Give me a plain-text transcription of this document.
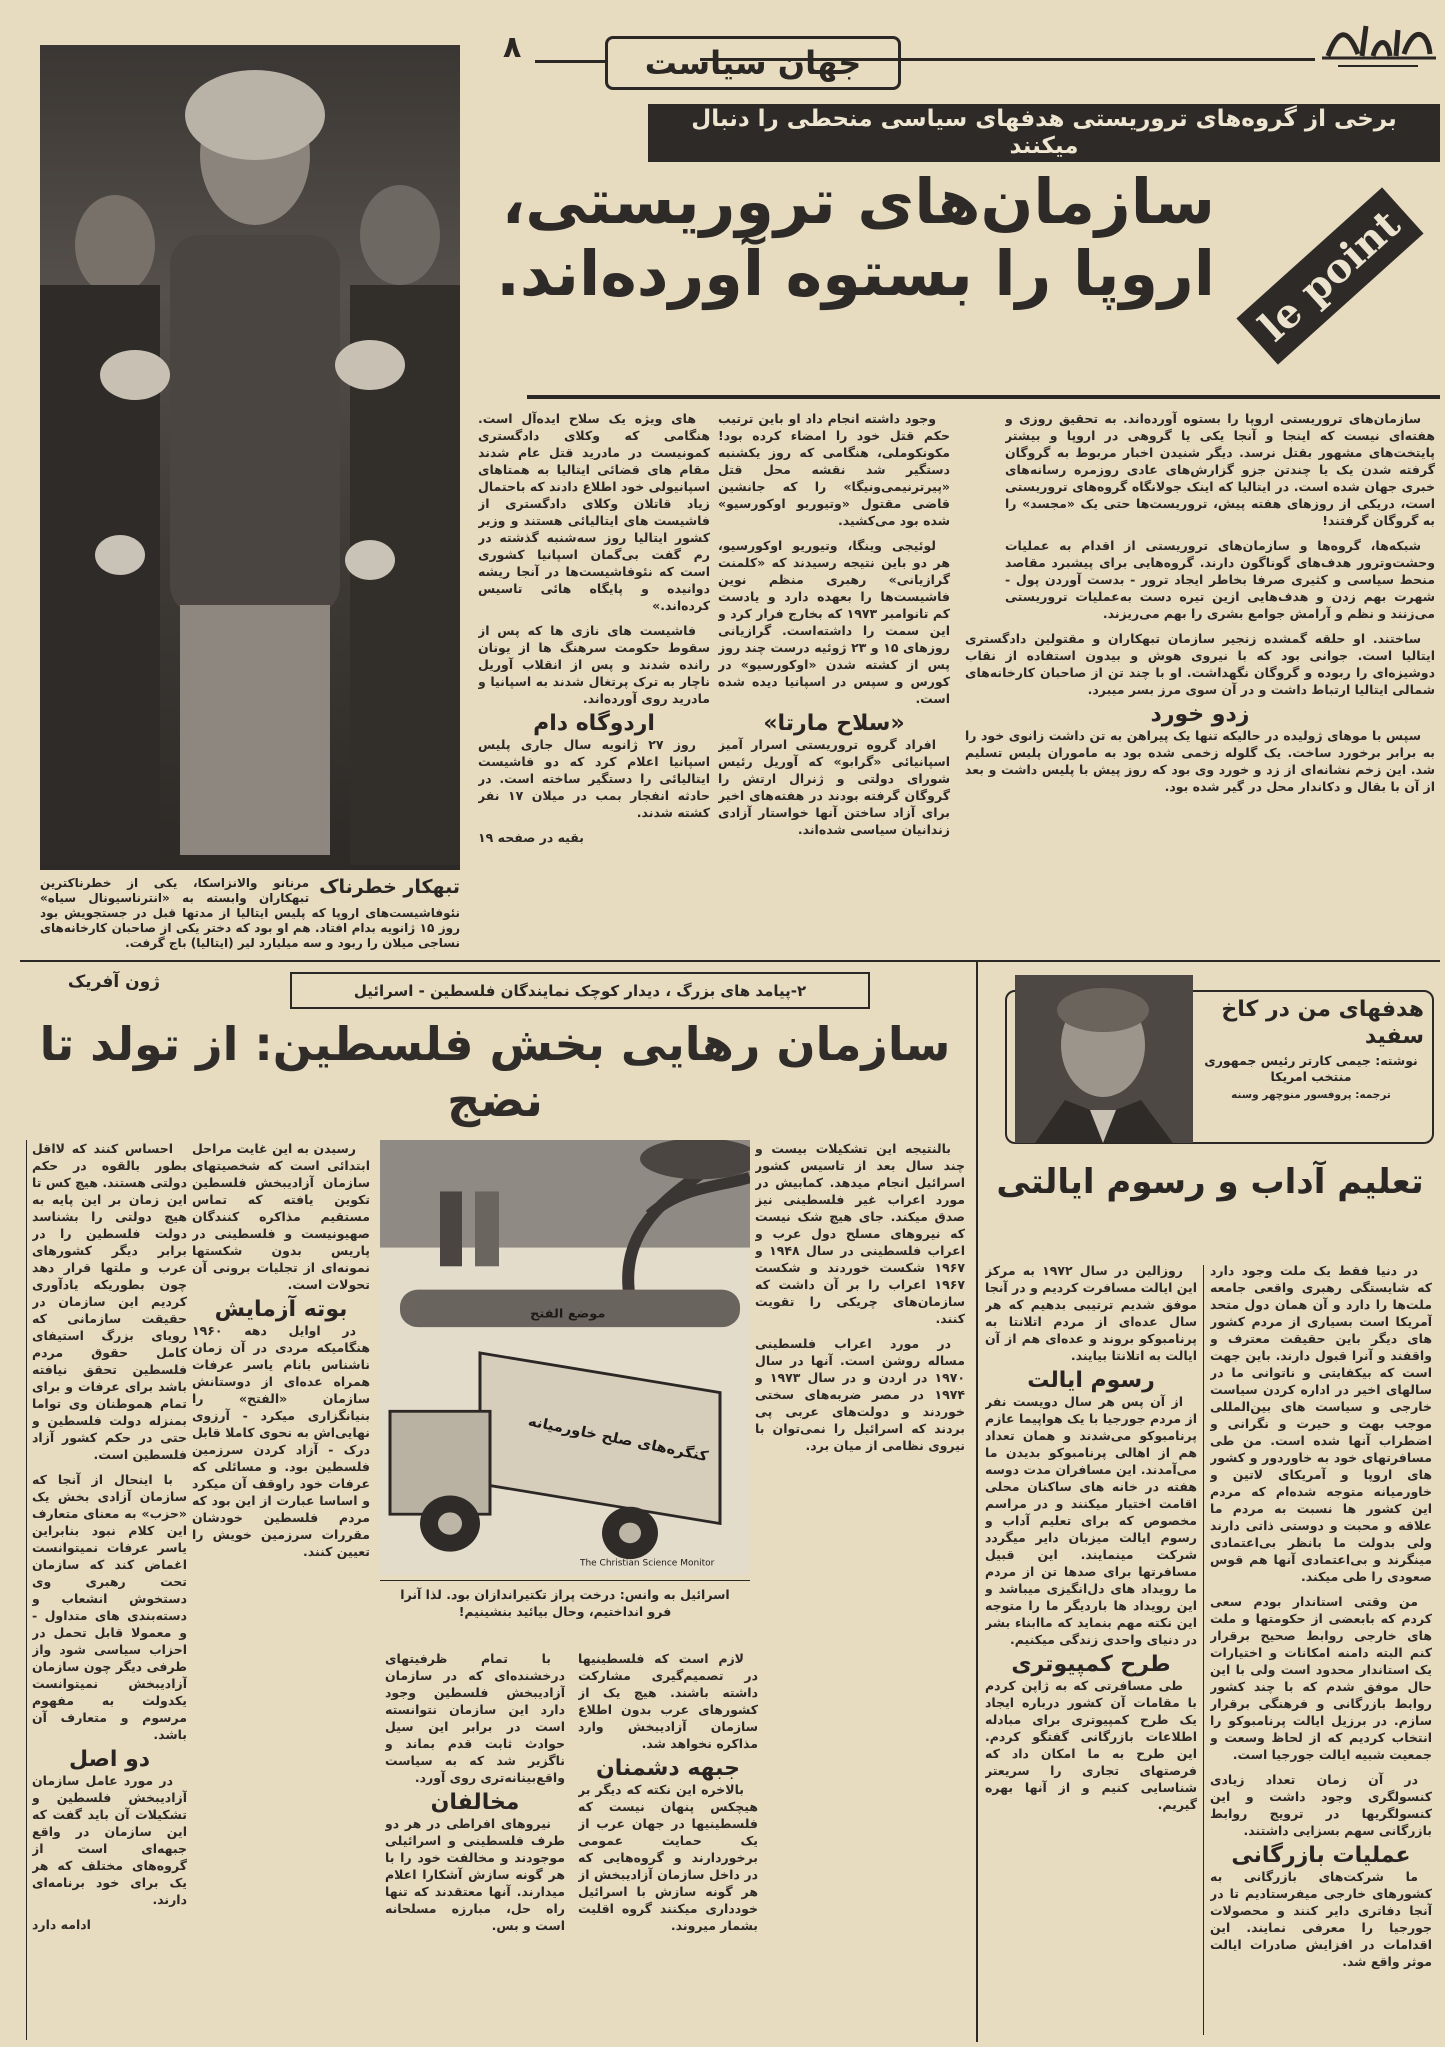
۸	جهان سیاست
تبهکار خطرناک
مرنانو والانزاسکا، یکی از خطرناکترین تبهکاران وابسته به «انترناسیونال سیاه» نئوفاشیست‌های اروپا که پلیس ایتالیا از مدتها قبل در جستجویش بود روز ۱۵ ژانویه بدام افتاد. هم او بود که دختر یکی از صاحبان کارخانه‌های نساجی میلان را ربود و سه میلیارد لیر (ایتالیا) باج گرفت.
برخی از گروه‌های تروریستی هدفهای سیاسی منحطی را دنبال میکنند
سازمان‌های تروریستی،
اروپا را بستوه آورده‌اند. le point

سازمان‌های تروریستی اروپا را بستوه آورده‌اند. به تحقیق روزی و هفته‌ای نیست که اینجا و آنجا یکی یا گروهی در اروپا و بیشتر پایتخت‌های مشهور بقتل نرسد. دیگر شنیدن اخبار مربوط به گروگان گرفته شدن یک یا چندتن جزو گزارش‌های عادی روزمره رسانه‌های خبری جهان شده است. در ایتالیا که اینک جولانگاه گروه‌های تروریستی است، دریکی از روزهای هفته پیش، تروریست‌ها حتی یک «مجسد» را به گروگان گرفتند!

شبکه‌ها، گروه‌ها و سازمان‌های تروریستی از اقدام به عملیات وحشت‌وترور هدف‌های گوناگون دارند. گروه‌هایی برای پیشبرد مقاصد منحط سیاسی و کثیری صرفا بخاطر ایجاد ترور - بدست آوردن پول - شهرت بهم زدن و هدف‌هایی ازین تیره دست به‌عملیات تروریستی می‌زنند و نظم و آرامش جوامع بشری را بهم می‌ریزند.

ساختند. او حلقه گمشده زنجیر سازمان تبهکاران و مقتولین دادگستری ایتالیا است. جوانی بود که با نیروی هوش و بیدون استفاده از نقاب دوشیزه‌ای را ربوده و گروگان نگهداشت. او با چند تن از صاحبان کارخانه‌های شمالی ایتالیا ارتباط داشت و در آن سوی مرز بسر میبرد.

زدو خورد

سپس با موهای ژولیده در حالیکه تنها یک پیراهن به تن داشت زانوی خود را به برابر برخورد ساخت. یک گلوله زخمی شده بود به ماموران پلیس تسلیم شد. این زخم نشانه‌ای از زد و خورد وی بود که روز پیش با پلیس داشت و بعد از آن با بقال و دکاندار محل در گیر شده بود.

وجود داشته انجام داد او باین ترتیب حکم قتل خود را امضاء کرده بود! مکونکوملی، هنگامی که روز یکشنبه دستگیر شد نقشه محل قتل «پیرترنیمی‌ونیگا» را که جانشین قاضی مقتول «وتیوریو اوکورسیو» شده بود می‌کشید.

لوئیجی وینگا، وتیوریو اوکورسیو، هر دو باین نتیجه رسیدند که «کلمنت گرازیانی» رهبری منظم نوین فاشیست‌ها را بعهده دارد و یادست کم تانوامبر ۱۹۷۳ که بخارج فرار کرد و این سمت را داشته‌است. گرازیانی روزهای ۱۵ و ۲۳ ژوئیه درست چند روز پس از کشته شدن «اوکورسیو» در کورس و سپس در اسپانیا دیده شده است.

«سلاح مارتا»

افراد گروه تروریستی اسرار آمیز اسپانیائی «گرابو» که آوریل رئیس شورای دولتی و ژنرال ارتش را گروگان گرفته بودند در هفته‌های اخیر برای آزاد ساختن آنها خواستار آزادی زندانیان سیاسی شده‌اند.

های ویژه یک سلاح ایده‌آل است. هنگامی که وکلای دادگستری کمونیست در مادرید قتل عام شدند مقام های قضائی ایتالیا به همتاهای اسپانیولی خود اطلاع دادند که باحتمال زیاد قاتلان وکلای دادگستری از فاشیست های ایتالیائی هستند و وزیر کشور ایتالیا روز سه‌شنبه گذشته در رم گفت بی‌گمان اسپانیا کشوری است که نئوفاشیست‌ها در آنجا ریشه دوانیده و پایگاه هائی تاسیس کرده‌اند.»

فاشیست های نازی ها که پس از سقوط حکومت سرهنگ ها از یونان رانده شدند و پس از انقلاب آوریل ناچار به ترک پرتغال شدند به اسپانیا و مادرید روی آورده‌اند.

اردوگاه دام

روز ۲۷ ژانویه سال جاری پلیس اسپانیا اعلام کرد که دو فاشیست ایتالیائی را دستگیر ساخته است. در حادثه انفجار بمب در میلان ۱۷ نفر کشته شدند.

بقیه در صفحه ۱۹
ژون آفریک	۲-پیامد های بزرگ ، دیدار کوچک نمایندگان فلسطین - اسرائیل
سازمان رهایی بخش فلسطین: از تولد تا نضج
موضع الفتح
کنگره‌های صلح خاورمیانه
The Christian Science Monitor
اسرائیل به وانس: درخت پراز تکتیراندازان بود. لذا آنرا فرو انداختیم، وحال بیائید بنشینیم!

بالنتیجه این تشکیلات بیست و چند سال بعد از تاسیس کشور اسرائیل انجام میدهد. کمابیش در مورد اعراب غیر فلسطینی نیز صدق میکند. جای هیچ شک نیست که نیروهای مسلح دول عرب و اعراب فلسطینی در سال ۱۹۴۸ و ۱۹۶۷ شکست خوردند و شکست ۱۹۶۷ اعراب را بر آن داشت که سازمان‌های چریکی را تقویت کنند.

در مورد اعراب فلسطینی مساله روشن است. آنها در سال ۱۹۷۰ در اردن و در سال ۱۹۷۳ و ۱۹۷۴ در مصر ضربه‌های سختی خوردند و دولت‌های عربی پی بردند که اسرائیل را نمی‌توان با نیروی نظامی از میان برد.

لازم است که فلسطینیها در تصمیم‌گیری مشارکت داشته باشند. هیچ یک از کشورهای عرب بدون اطلاع سازمان آزادیبخش وارد مذاکره نخواهد شد.

جبهه دشمنان

بالاخره این نکته که دیگر بر هیچکس پنهان نیست که فلسطینیها در جهان عرب از یک حمایت عمومی برخوردارند و گروه‌هایی که در داخل سازمان آزادیبخش از هر گونه سازش با اسرائیل خودداری میکنند گروه اقلیت بشمار میروند.

با تمام ظرفیتهای درخشنده‌ای که در سازمان آزادیبخش فلسطین وجود دارد این سازمان نتوانسته است در برابر این سیل حوادث ثابت قدم بماند و ناگزیر شد که به سیاست واقع‌بینانه‌تری روی آورد.

مخالفان

نیروهای افراطی در هر دو طرف فلسطینی و اسرائیلی موجودند و مخالفت خود را با هر گونه سازش آشکارا اعلام میدارند. آنها معتقدند که تنها راه حل، مبارزه مسلحانه است و بس.

رسیدن به این غایت مراحل ابتدائی است که شخصیتهای سازمان آزادیبخش فلسطین تکوین یافته که تماس مستقیم مذاکره کنندگان صهیونیست و فلسطینی در پاریس بدون شکستها نمونه‌ای از تجلیات برونی آن تحولات است.

بوته آزمایش

در اوایل دهه ۱۹۶۰ هنگامیکه مردی در آن زمان ناشناس بانام یاسر عرفات همراه عده‌ای از دوستانش سازمان «الفتح» را بنیانگزاری میکرد - آرزوی نهایی‌اش به نحوی کاملا قابل درک - آزاد کردن سرزمین فلسطین بود. و مسائلی که عرفات خود راوقف آن میکرد و اساسا عبارت از این بود که مردم فلسطین خودشان مقررات سرزمین خویش را تعیین کنند.

احساس کنند که لااقل بطور بالقوه در حکم دولتی هستند. هیچ کس تا این زمان بر این پایه به هیچ دولتی را بشناسد دولت فلسطین را در برابر دیگر کشورهای عرب و ملتها قرار دهد چون بطوریکه یادآوری کردیم این سازمان در حقیقت سازمانی که رویای بزرگ استیفای کامل حقوق مردم فلسطین تحقق نیافته باشد برای عرفات و برای تمام هموطنان وی تواما بمنزله دولت فلسطین و حتی در حکم کشور آزاد فلسطین است.

با اینحال از آنجا که سازمان آزادی بخش یک «حزب» به معنای متعارف این کلام نبود بنابراین یاسر عرفات نمیتوانست اغماض کند که سازمان تحت رهبری وی دستخوش انشعاب و دسته‌بندی های متداول - و معمولا قابل تحمل در احزاب سیاسی شود واز طرفی دیگر چون سازمان آزادیبخش نمیتوانست یکدولت به مفهوم مرسوم و متعارف آن باشد.

دو اصل

در مورد عامل سازمان آزادیبخش فلسطین و تشکیلات آن باید گفت که این سازمان در واقع جبهه‌ای است از گروه‌های مختلف که هر یک برای خود برنامه‌ای دارند.

ادامه دارد
هدفهای من در کاخ سفید
نوشته: جیمی کارتر رئیس جمهوری منتخب امریکا
ترجمه: پروفسور منوچهر وسنه
تعلیم آداب و رسوم ایالتی

در دنیا فقط یک ملت وجود دارد که شایستگی رهبری واقعی جامعه ملت‌ها را دارد و آن همان دول متحد آمریکا است بسیاری از مردم کشور های دیگر باین حقیقت معترف و واقفند و آنرا قبول دارند. باین جهت است که بیکفایتی و ناتوانی ما در سالهای اخیر در اداره کردن سیاست خارجی و سیاست های بین‌المللی موجب بهت و حیرت و نگرانی و اضطراب آنها شده است. من طی مسافرتهای خود به خاوردور و کشور های اروپا و آمریکای لاتین و خاورمیانه متوجه شده‌ام که مردم این کشور ها نسبت به مردم ما علاقه و محبت و دوستی ذاتی دارند ولی بدولت ما بانظر بی‌اعتمادی مینگرند و بی‌اعتمادی آنها هم قوس صعودی را طی میکند.

من وقتی استاندار بودم سعی کردم که بابعضی از حکومتها و ملت های خارجی روابط صحیح برقرار کنم البته دامنه امکانات و اختیارات یک استاندار محدود است ولی با این حال موفق شدم که با چند کشور روابط بازرگانی و فرهنگی برقرار سازم. در برزیل ایالت پرنامبوکو را انتخاب کردیم که از لحاظ وسعت و جمعیت شبیه ایالت جورجیا است.

در آن زمان تعداد زیادی کنسولگری وجود داشت و این کنسولگریها در ترویج روابط بازرگانی سهم بسزایی داشتند.

عملیات بازرگانی

ما شرکت‌های بازرگانی به کشورهای خارجی میفرستادیم تا در آنجا دفاتری دایر کنند و محصولات جورجیا را معرفی نمایند. این اقدامات در افزایش صادرات ایالت موثر واقع شد.

روزالین در سال ۱۹۷۲ به مرکز این ایالت مسافرت کردیم و در آنجا موفق شدیم ترتیبی بدهیم که هر سال عده‌ای از مردم اتلانتا به پرنامبوکو بروند و عده‌ای هم از آن ایالت به اتلانتا بیایند.

رسوم ایالت

از آن پس هر سال دویست نفر از مردم جورجیا با یک هواپیما عازم پرنامبوکو می‌شدند و همان تعداد هم از اهالی پرنامبوکو بدیدن ما می‌آمدند. این مسافران مدت دوسه هفته در خانه های ساکنان محلی اقامت اختیار میکنند و در مراسم مخصوص که برای تعلیم آداب و رسوم ایالت میزبان دایر میگردد شرکت مینمایند. این قبیل مسافرتها برای صدها تن از مردم ما رویداد های دل‌انگیزی میباشد و این رویداد ها باردیگر ما را متوجه این نکته مهم بنماید که ماابناء بشر در دنیای واحدی زندگی میکنیم.

طرح کمپیوتری

طی مسافرتی که به ژاپن کردم با مقامات آن کشور درباره ایجاد یک طرح کمپیوتری برای مبادله اطلاعات بازرگانی گفتگو کردم. این طرح به ما امکان داد که فرصتهای تجاری را سریعتر شناسایی کنیم و از آنها بهره گیریم.
